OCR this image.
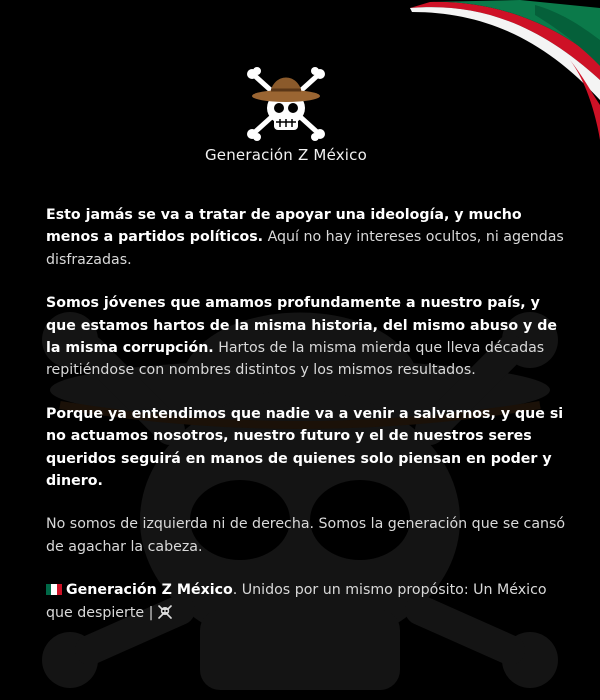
Generación Z México

Esto jamás se va a tratar de apoyar una ideología, y mucho menos a partidos políticos. Aquí no hay intereses ocultos, ni agendas disfrazadas.

Somos jóvenes que amamos profundamente a nuestro país, y que estamos hartos de la misma historia, del mismo abuso y de la misma corrupción. Hartos de la misma mierda que lleva décadas repitiéndose con nombres distintos y los mismos resultados.

Porque ya entendimos que nadie va a venir a salvarnos, y que si no actuamos nosotros, nuestro futuro y el de nuestros seres queridos seguirá en manos de quienes solo piensan en poder y dinero.

No somos de izquierda ni de derecha. Somos la generación que se cansó de agachar la cabeza.

Generación Z México. Unidos por un mismo propósito: Un México que despierte |
